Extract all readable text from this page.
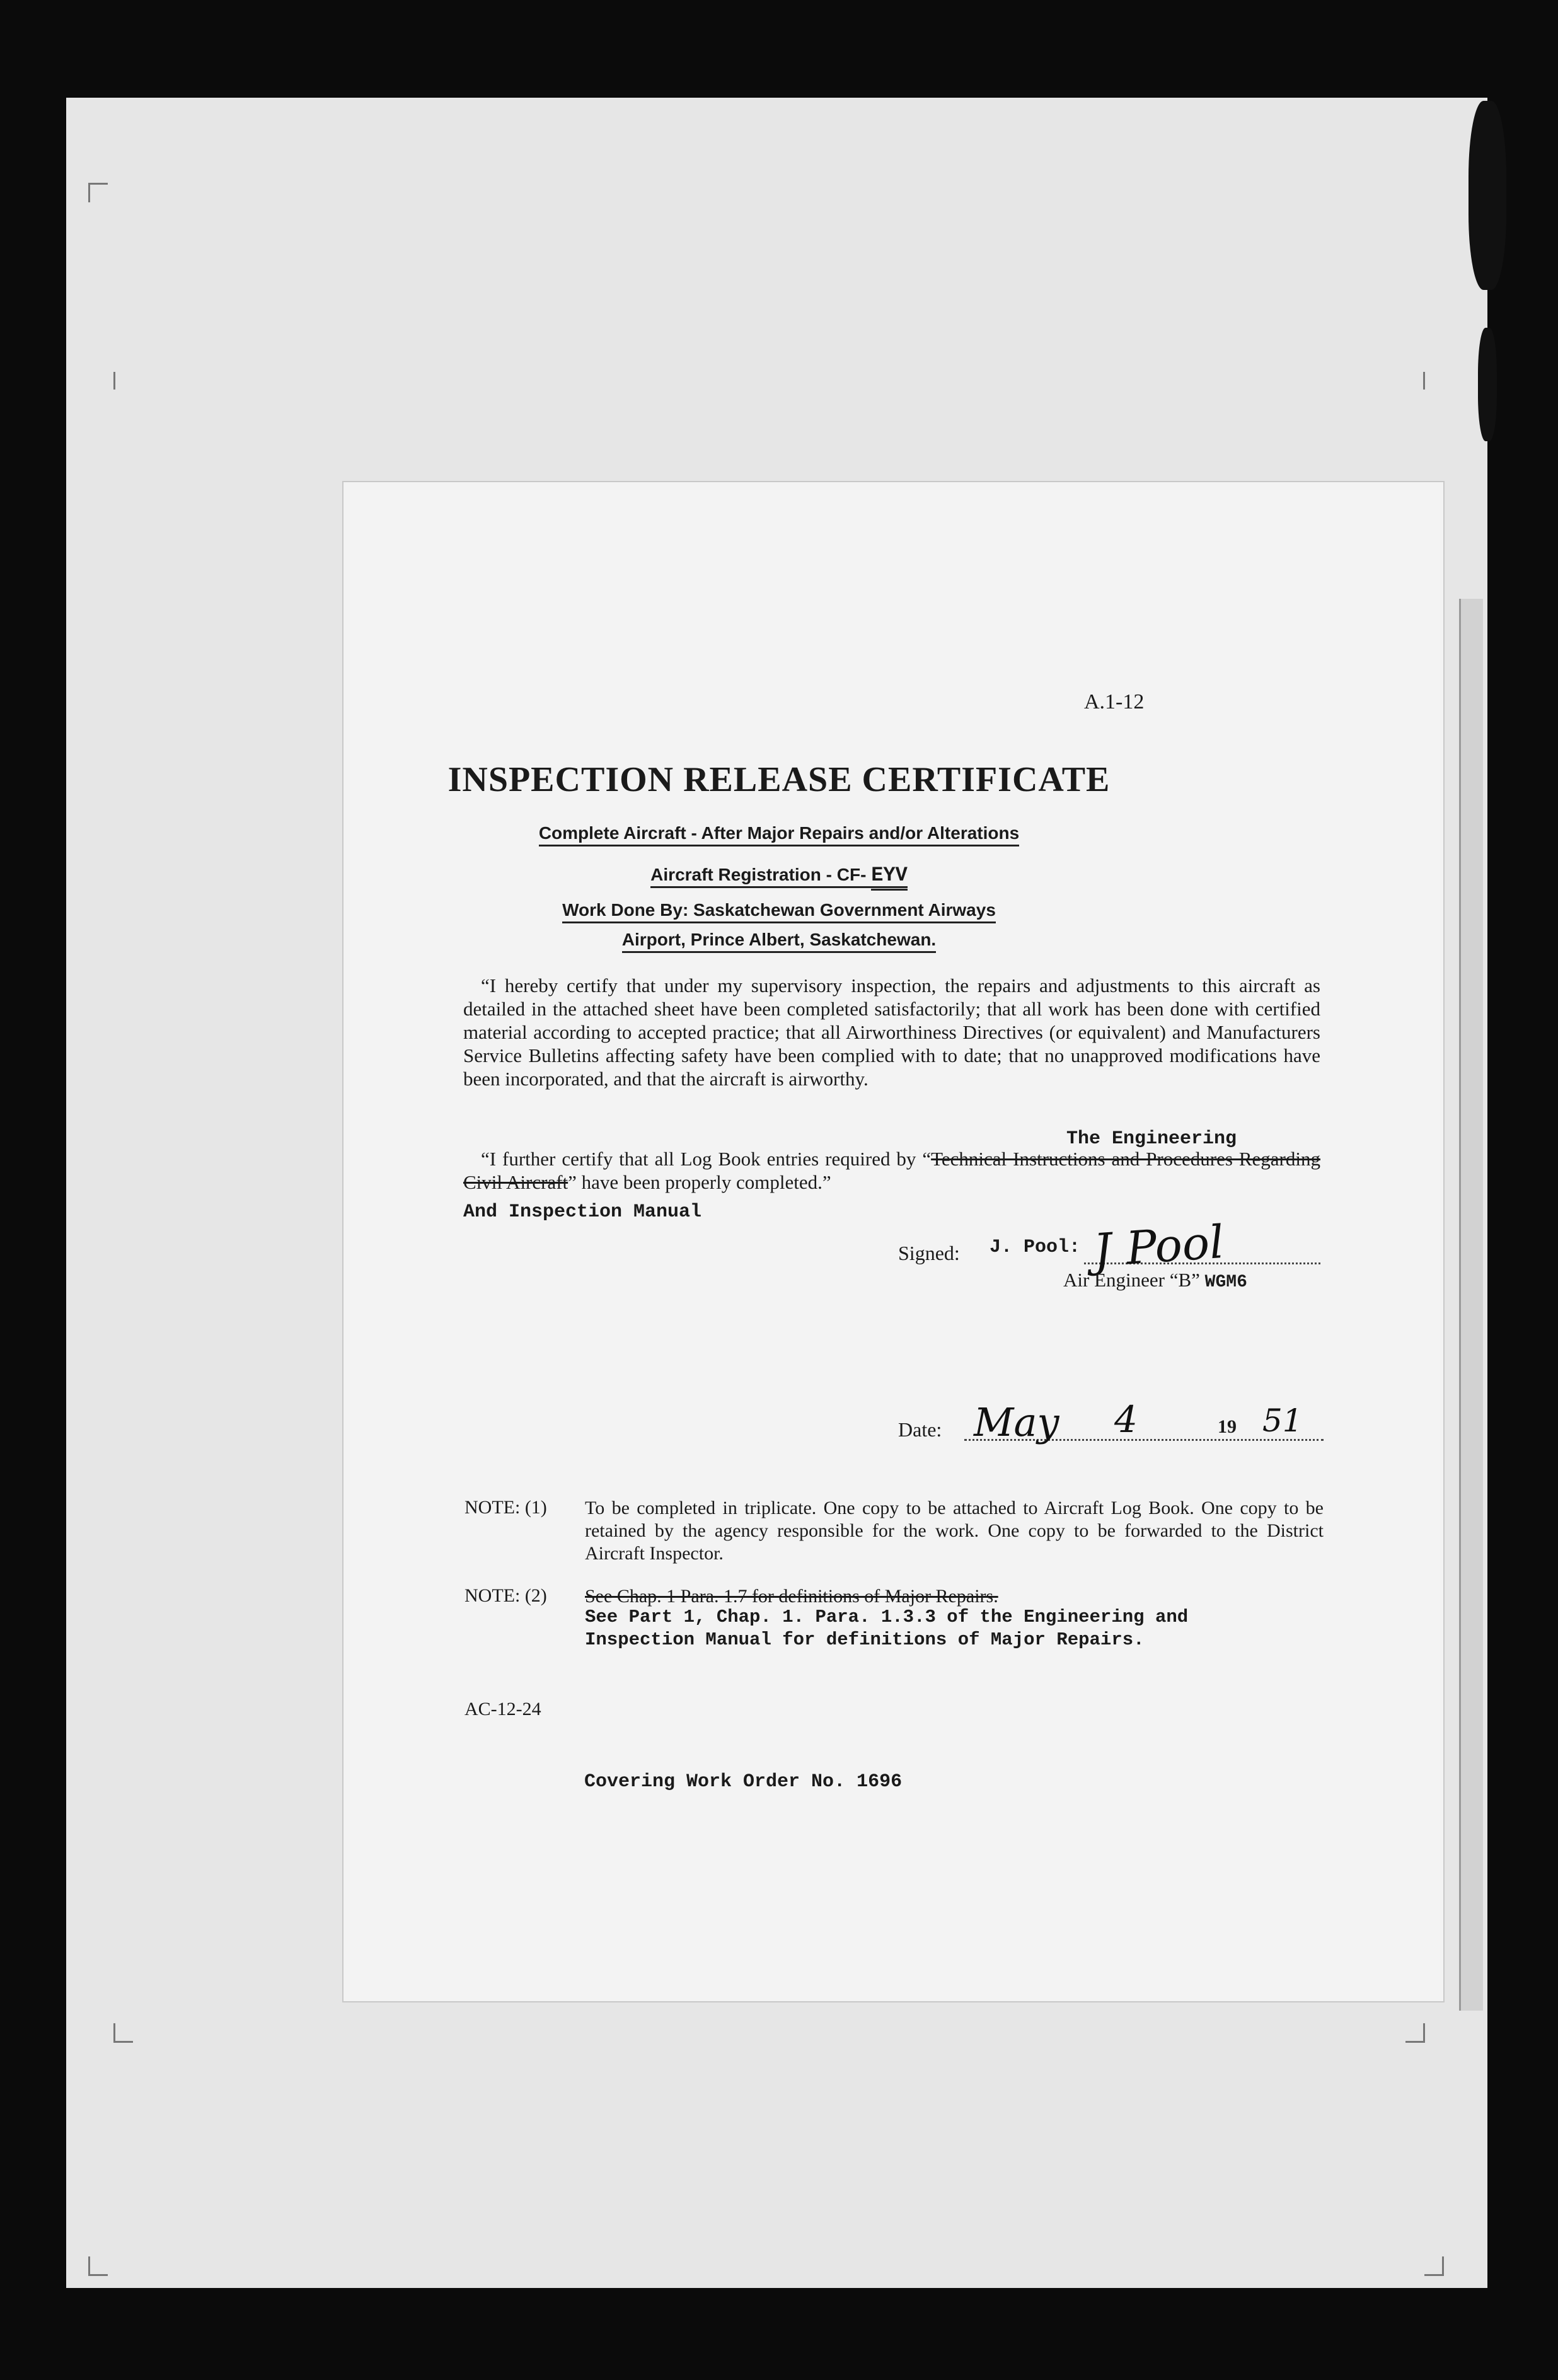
A.1-12

INSPECTION RELEASE CERTIFICATE

Complete Aircraft - After Major Repairs and/or Alterations

Aircraft Registration - CF- EYV

Work Done By: Saskatchewan Government Airways

Airport, Prince Albert, Saskatchewan.

“I hereby certify that under my supervisory inspection, the repairs and adjustments to this aircraft as detailed in the attached sheet have been completed satisfactorily; that all work has been done with certified material according to accepted practice; that all Airworthiness Directives (or equivalent) and Manufacturers Service Bulletins affecting safety have been complied with to date; that no unapproved modifications have been incorporated, and that the aircraft is airworthy.

The Engineering

“I further certify that all Log Book entries required by “Technical Instructions and Procedures Regarding Civil Aircraft” have been properly completed.”

And Inspection Manual

Signed: J. Pool: J Pool

Air Engineer “B” WGM6

Date: May 4	19 51

NOTE: (1) To be completed in triplicate. One copy to be attached to Aircraft Log Book. One copy to be retained by the agency responsible for the work. One copy to be forwarded to the District Aircraft Inspector.

NOTE: (2) See Chap. 1 Para. 1.7 for definitions of Major Repairs.

See Part 1, Chap. 1. Para. 1.3.3 of the Engineering and
Inspection Manual for definitions of Major Repairs.

AC-12-24

Covering Work Order No. 1696
